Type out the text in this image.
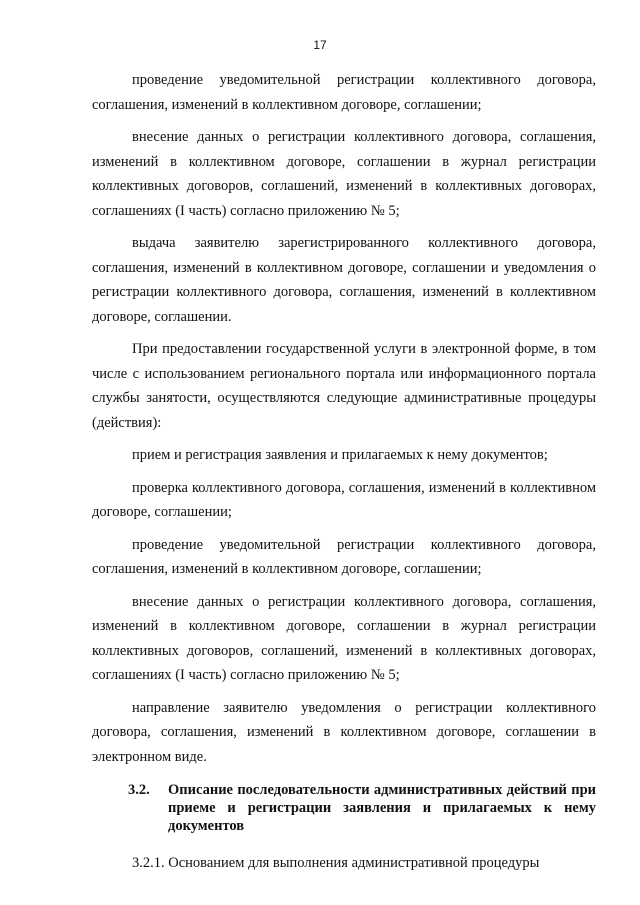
17

проведение уведомительной регистрации коллективного договора, соглашения, изменений в коллективном договоре, соглашении;

внесение данных о регистрации коллективного договора, соглашения, изменений в коллективном договоре, соглашении в журнал регистрации коллективных договоров, соглашений, изменений в коллективных договорах, соглашениях (I часть) согласно приложению № 5;

выдача заявителю зарегистрированного коллективного договора, соглашения, изменений в коллективном договоре, соглашении и уведомления о регистрации коллективного договора, соглашения, изменений в коллективном договоре, соглашении.

При предоставлении государственной услуги в электронной форме, в том числе с использованием регионального портала или информационного портала службы занятости, осуществляются следующие административные процедуры (действия):

прием и регистрация заявления и прилагаемых к нему документов;

проверка коллективного договора, соглашения, изменений в коллективном договоре, соглашении;

проведение уведомительной регистрации коллективного договора, соглашения, изменений в коллективном договоре, соглашении;

внесение данных о регистрации коллективного договора, соглашения, изменений в коллективном договоре, соглашении в журнал регистрации коллективных договоров, соглашений, изменений в коллективных договорах, соглашениях (I часть) согласно приложению № 5;

направление заявителю уведомления о регистрации коллективного договора, соглашения, изменений в коллективном договоре, соглашении в электронном виде.

3.2.	Описание последовательности административных действий при приеме и регистрации заявления и прилагаемых к нему документов

3.2.1. Основанием для выполнения административной процедуры
